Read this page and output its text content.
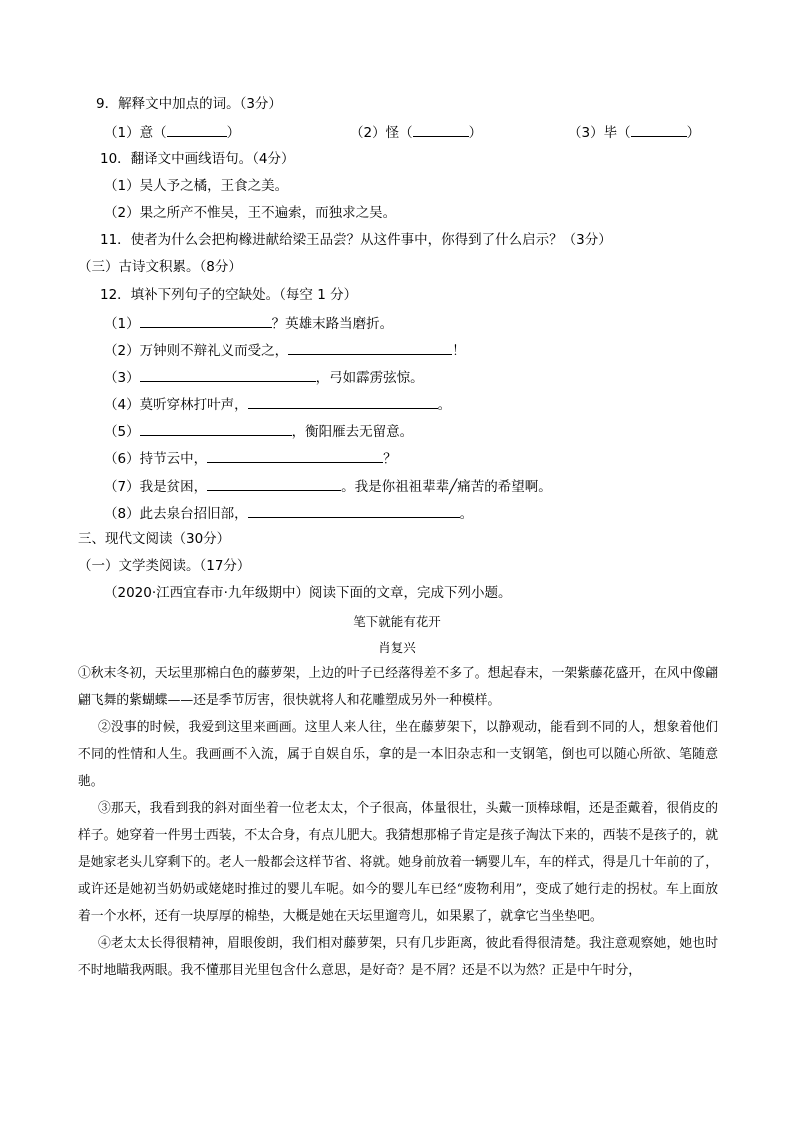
9．解释文中加点的词。（3分）
（1）意（	）	（2）怪（	）	（3）毕（	）
10．翻译文中画线语句。（4分）
（1）吴人予之橘，王食之美。
（2）果之所产不惟吴，王不遍索，而独求之吴。
11．使者为什么会把枸橼进献给梁王品尝？从这件事中，你得到了什么启示？（3分）
（三）古诗文积累。（8分）
12．填补下列句子的空缺处。（每空 1 分）
（1）	？英雄末路当磨折。
（2）万钟则不辩礼义而受之，	！
（3）	，弓如霹雳弦惊。
（4）莫听穿林打叶声，	。
（5）	，衡阳雁去无留意。
（6）持节云中，	？
（7）我是贫困，	。我是你祖祖辈辈╱痛苦的希望啊。
（8）此去泉台招旧部，	。
三、现代文阅读（30分）
（一）文学类阅读。（17分）
（2020·江西宜春市·九年级期中）阅读下面的文章，完成下列小题。
笔下就能有花开
肖复兴

①秋末冬初，天坛里那棉白色的藤萝架，上边的叶子已经落得差不多了。想起春末，一架紫藤花盛开，在风中像翩翩飞舞的紫蝴蝶——还是季节厉害，很快就将人和花雕塑成另外一种模样。

②没事的时候，我爱到这里来画画。这里人来人往，坐在藤萝架下，以静观动，能看到不同的人，想象着他们不同的性情和人生。我画画不入流，属于自娱自乐，拿的是一本旧杂志和一支钢笔，倒也可以随心所欲、笔随意驰。

③那天，我看到我的斜对面坐着一位老太太，个子很高，体量很壮，头戴一顶棒球帽，还是歪戴着，很俏皮的样子。她穿着一件男士西装，不太合身，有点儿肥大。我猜想那棉子肯定是孩子淘汰下来的，西装不是孩子的，就是她家老头儿穿剩下的。老人一般都会这样节省、将就。她身前放着一辆婴儿车，车的样式，得是几十年前的了，或许还是她初当奶奶或姥姥时推过的婴儿车呢。如今的婴儿车已经“废物利用”，变成了她行走的拐杖。车上面放着一个水杯，还有一块厚厚的棉垫，大概是她在天坛里遛弯儿，如果累了，就拿它当坐垫吧。

④老太太长得很精神，眉眼俊朗，我们相对藤萝架，只有几步距离，彼此看得很清楚。我注意观察她，她也时不时地瞄我两眼。我不懂那目光里包含什么意思，是好奇？是不屑？还是不以为然？正是中午时分，
